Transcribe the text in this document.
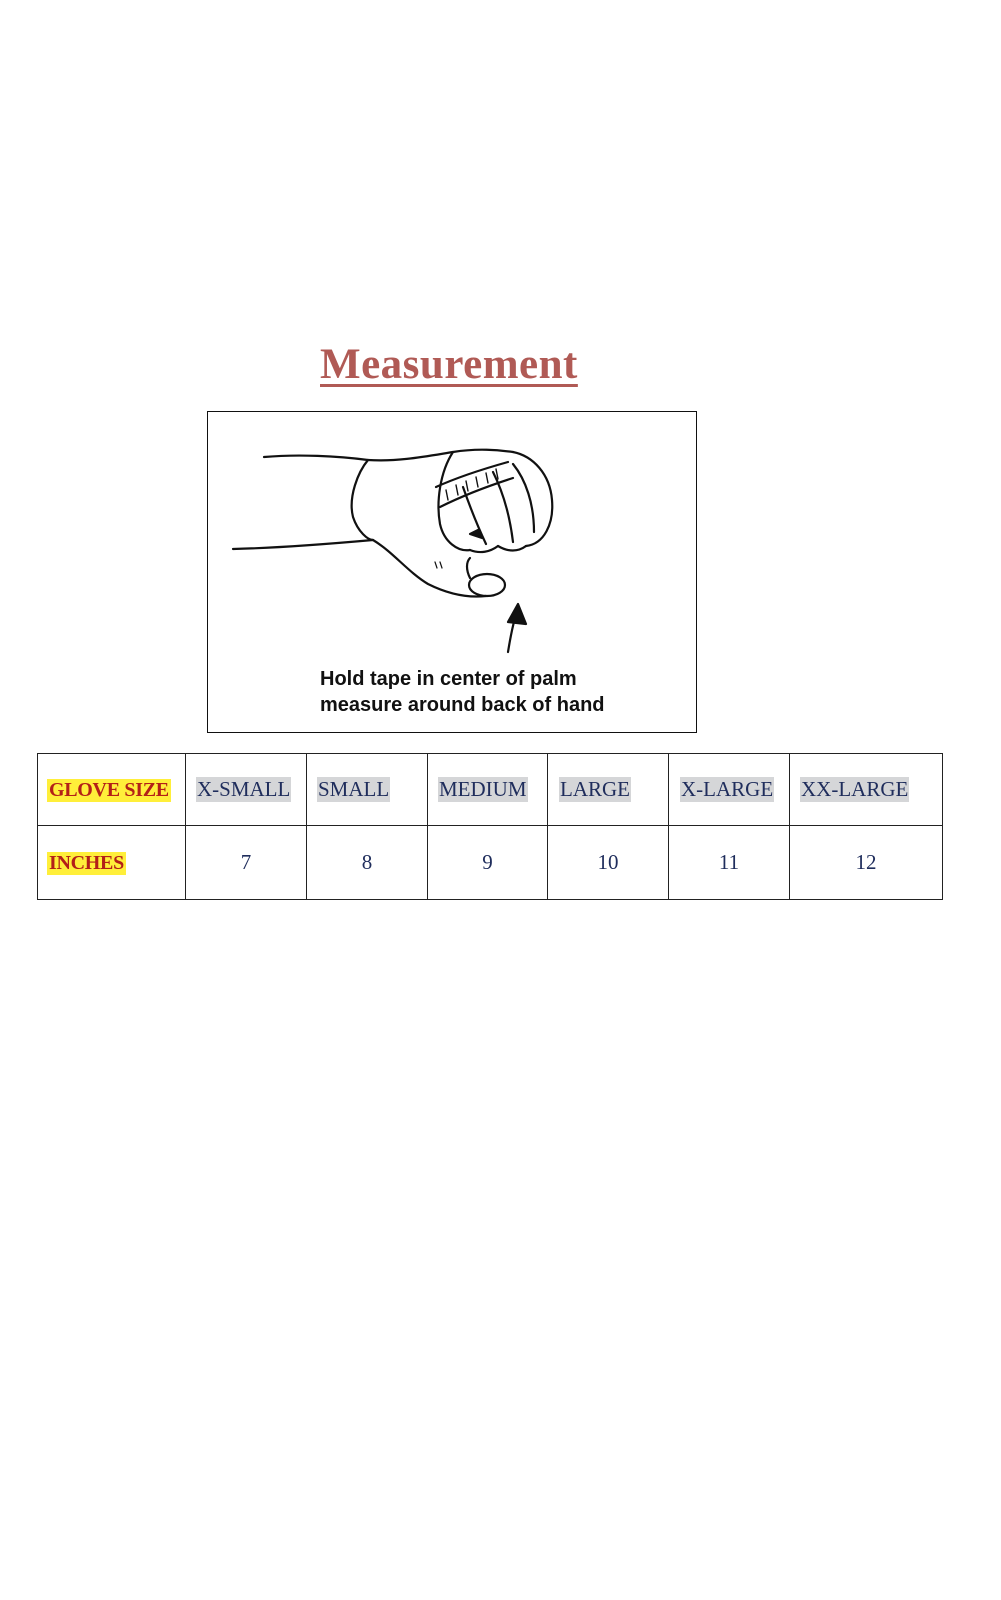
Measurement
Hold tape in center of palm
measure around back of hand
GLOVE SIZE	X-SMALL	SMALL	MEDIUM	LARGE	X-LARGE	XX-LARGE
INCHES	7	8	9	10	11	12
